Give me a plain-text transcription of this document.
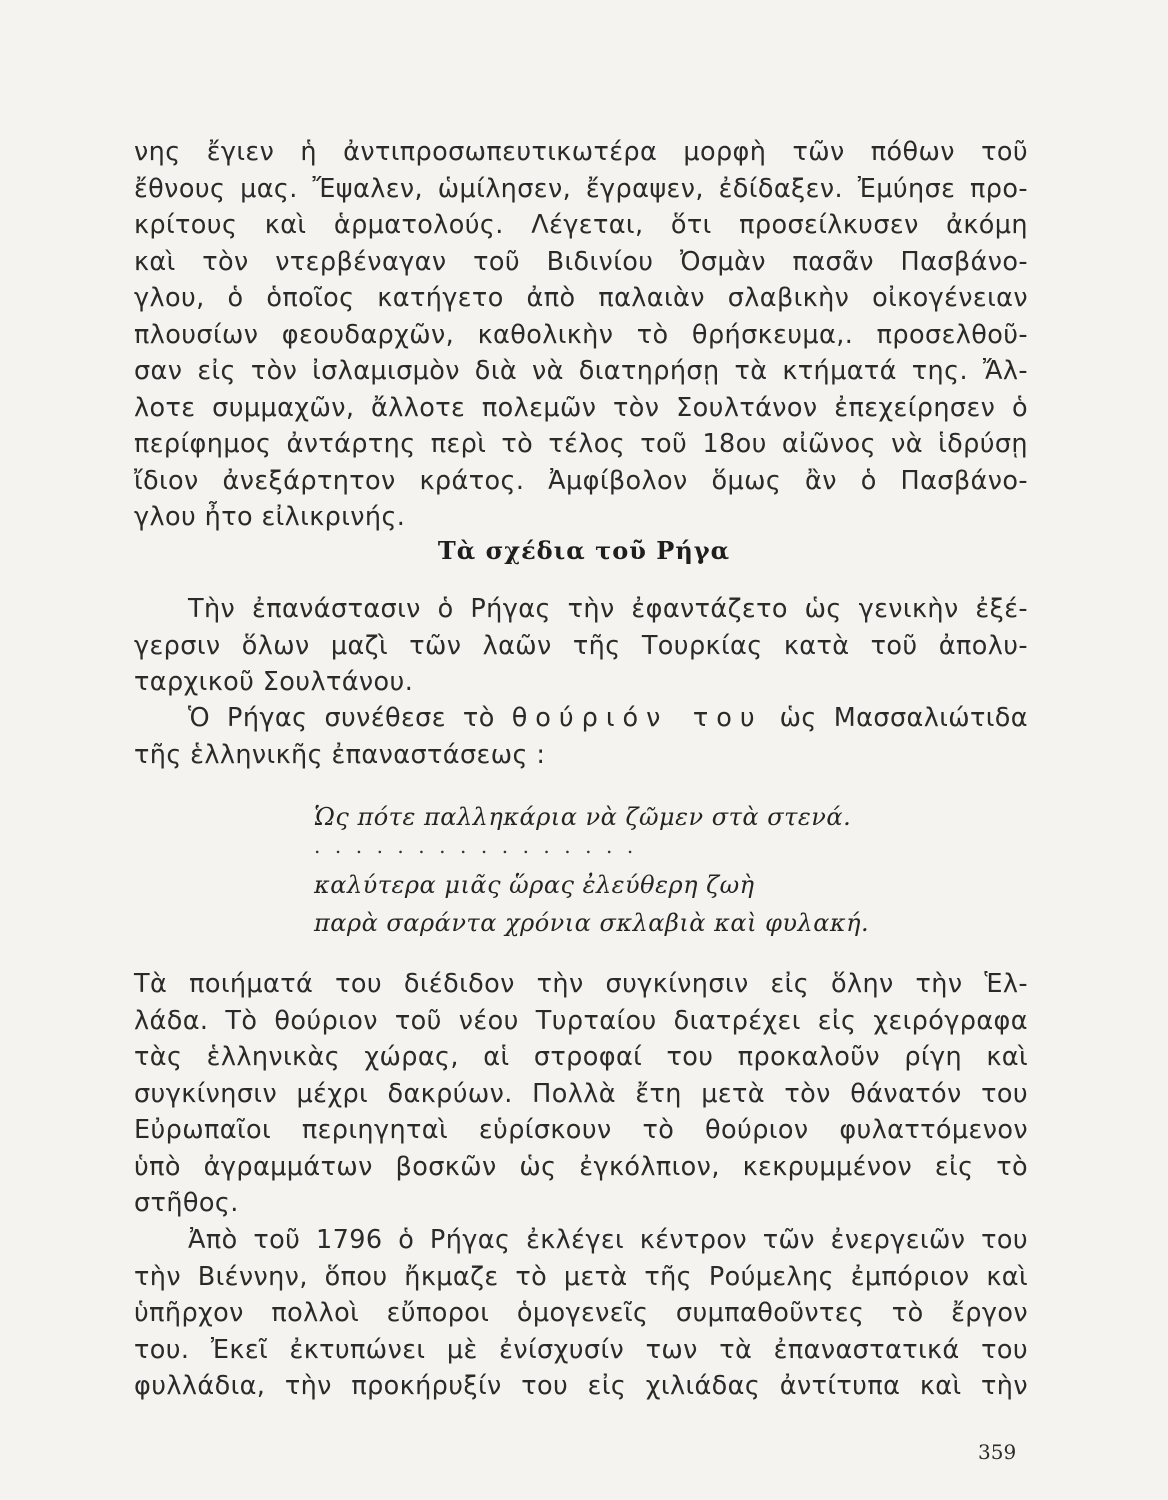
νης ἔγιεν ἡ ἀντιπροσωπευτικωτέρα μορφὴ τῶν πόθων τοῦ
ἔθνους μας. Ἔψαλεν, ὡμίλησεν, ἔγραψεν, ἐδίδαξεν. Ἐμύησε προ-
κρίτους καὶ ἁρματολούς. Λέγεται, ὅτι προσείλκυσεν ἀκόμη
καὶ τὸν ντερβέναγαν τοῦ Βιδινίου Ὀσμὰν πασᾶν Πασβάνο-
γλου, ὁ ὁποῖος κατήγετο ἀπὸ παλαιὰν σλαβικὴν οἰκογένειαν
πλουσίων φεουδαρχῶν, καθολικὴν τὸ θρήσκευμα,. προσελθοῦ-
σαν εἰς τὸν ἰσλαμισμὸν διὰ νὰ διατηρήσῃ τὰ κτήματά της. Ἄλ-
λοτε συμμαχῶν, ἄλλοτε πολεμῶν τὸν Σουλτάνον ἐπεχείρησεν ὁ
περίφημος ἀντάρτης περὶ τὸ τέλος τοῦ 18ου αἰῶνος νὰ ἱδρύσῃ
ἴδιον ἀνεξάρτητον κράτος. Ἀμφίβολον ὅμως ἂν ὁ Πασβάνο-
γλου ἦτο εἰλικρινής.
Τὰ σχέδια τοῦ Ρήγα
Τὴν ἐπανάστασιν ὁ Ρήγας τὴν ἐφαντάζετο ὡς γενικὴν ἐξέ-
γερσιν ὅλων μαζὶ τῶν λαῶν τῆς Τουρκίας κατὰ τοῦ ἀπολυ-
ταρχικοῦ Σουλτάνου.
Ὁ Ρήγας συνέθεσε τὸ θούριόν του ὡς Μασσαλιώτιδα
τῆς ἑλληνικῆς ἐπαναστάσεως :
Ὡς πότε παλληκάρια νὰ ζῶμεν στὰ στενά.
................
καλύτερα μιᾶς ὥρας ἐλεύθερη ζωὴ
παρὰ σαράντα χρόνια σκλαβιὰ καὶ φυλακή.
Τὰ ποιήματά του διέδιδον τὴν συγκίνησιν εἰς ὅλην τὴν Ἑλ-
λάδα. Τὸ θούριον τοῦ νέου Τυρταίου διατρέχει εἰς χειρόγραφα
τὰς ἑλληνικὰς χώρας, αἱ στροφαί του προκαλοῦν ρίγη καὶ
συγκίνησιν μέχρι δακρύων. Πολλὰ ἔτη μετὰ τὸν θάνατόν του
Εὐρωπαῖοι περιηγηταὶ εὑρίσκουν τὸ θούριον φυλαττόμενον
ὑπὸ ἀγραμμάτων βοσκῶν ὡς ἐγκόλπιον, κεκρυμμένον εἰς τὸ
στῆθος.
Ἀπὸ τοῦ 1796 ὁ Ρήγας ἐκλέγει κέντρον τῶν ἐνεργειῶν του
τὴν Βιέννην, ὅπου ἤκμαζε τὸ μετὰ τῆς Ρούμελης ἐμπόριον καὶ
ὑπῆρχον πολλοὶ εὔποροι ὁμογενεῖς συμπαθοῦντες τὸ ἔργον
του. Ἐκεῖ ἐκτυπώνει μὲ ἐνίσχυσίν των τὰ ἐπαναστατικά του
φυλλάδια, τὴν προκήρυξίν του εἰς χιλιάδας ἀντίτυπα καὶ τὴν
359
